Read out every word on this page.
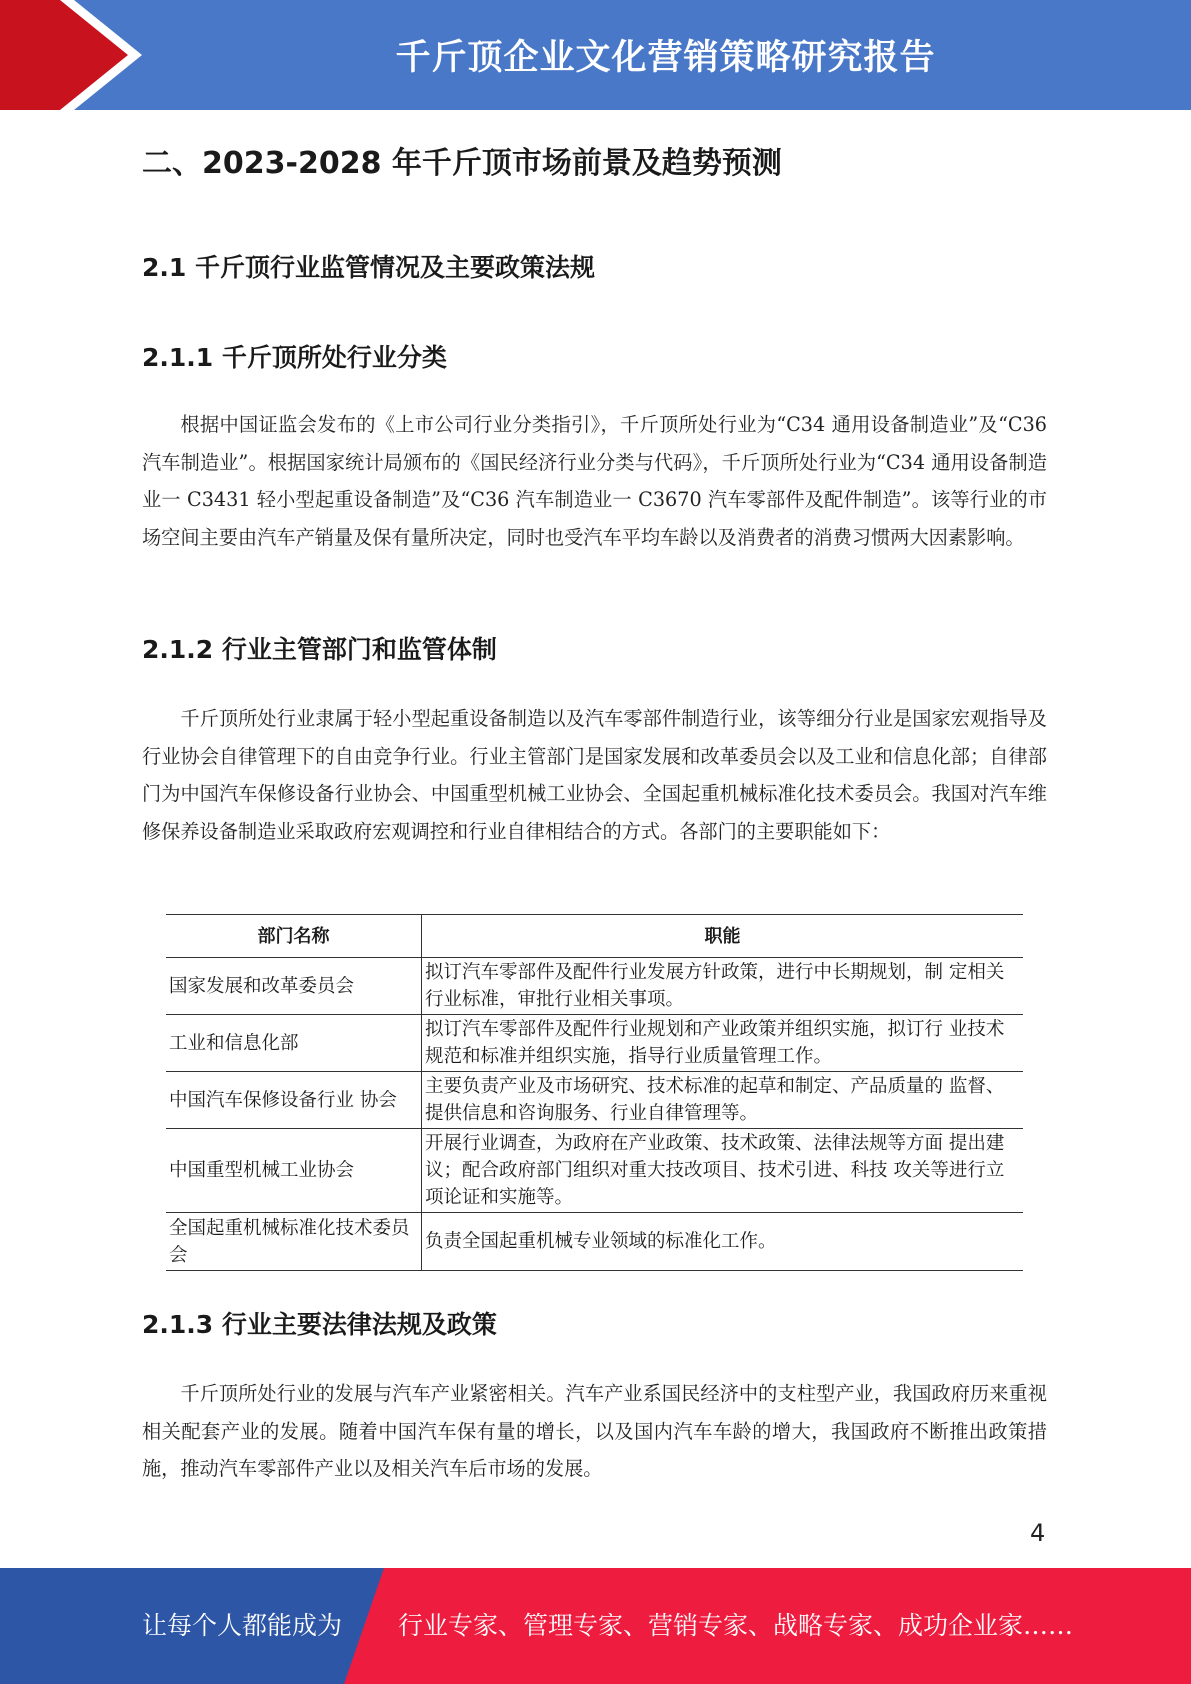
千斤顶企业文化营销策略研究报告
二、2023-2028 年千斤顶市场前景及趋势预测
2.1 千斤顶行业监管情况及主要政策法规
2.1.1 千斤顶所处行业分类

根据中国证监会发布的《上市公司行业分类指引》，千斤顶所处行业为“C34 通用设备制造业”及“C36 汽车制造业”。根据国家统计局颁布的《国民经济行业分类与代码》，千斤顶所处行业为“C34 通用设备制造业一 C3431 轻小型起重设备制造”及“C36 汽车制造业一 C3670 汽车零部件及配件制造”。该等行业的市场空间主要由汽车产销量及保有量所决定，同时也受汽车平均车龄以及消费者的消费习惯两大因素影响。

2.1.2 行业主管部门和监管体制

千斤顶所处行业隶属于轻小型起重设备制造以及汽车零部件制造行业，该等细分行业是国家宏观指导及行业协会自律管理下的自由竞争行业。行业主管部门是国家发展和改革委员会以及工业和信息化部；自律部门为中国汽车保修设备行业协会、中国重型机械工业协会、全国起重机械标准化技术委员会。我国对汽车维修保养设备制造业采取政府宏观调控和行业自律相结合的方式。各部门的主要职能如下：

部门名称	职能
国家发展和改革委员会	拟订汽车零部件及配件行业发展方针政策，进行中长期规划，制 定相关行业标准，审批行业相关事项。
工业和信息化部	拟订汽车零部件及配件行业规划和产业政策并组织实施，拟订行 业技术规范和标准并组织实施，指导行业质量管理工作。
中国汽车保修设备行业 协会	主要负责产业及市场研究、技术标准的起草和制定、产品质量的 监督、提供信息和咨询服务、行业自律管理等。
中国重型机械工业协会	开展行业调查，为政府在产业政策、技术政策、法律法规等方面 提出建议；配合政府部门组织对重大技改项目、技术引进、科技 攻关等进行立项论证和实施等。
全国起重机械标准化技术委员会	负责全国起重机械专业领域的标准化工作。
2.1.3 行业主要法律法规及政策

千斤顶所处行业的发展与汽车产业紧密相关。汽车产业系国民经济中的支柱型产业，我国政府历来重视相关配套产业的发展。随着中国汽车保有量的增长，以及国内汽车车龄的增大，我国政府不断推出政策措施，推动汽车零部件产业以及相关汽车后市场的发展。

4
让每个人都能成为 行业专家、管理专家、营销专家、战略专家、成功企业家……
